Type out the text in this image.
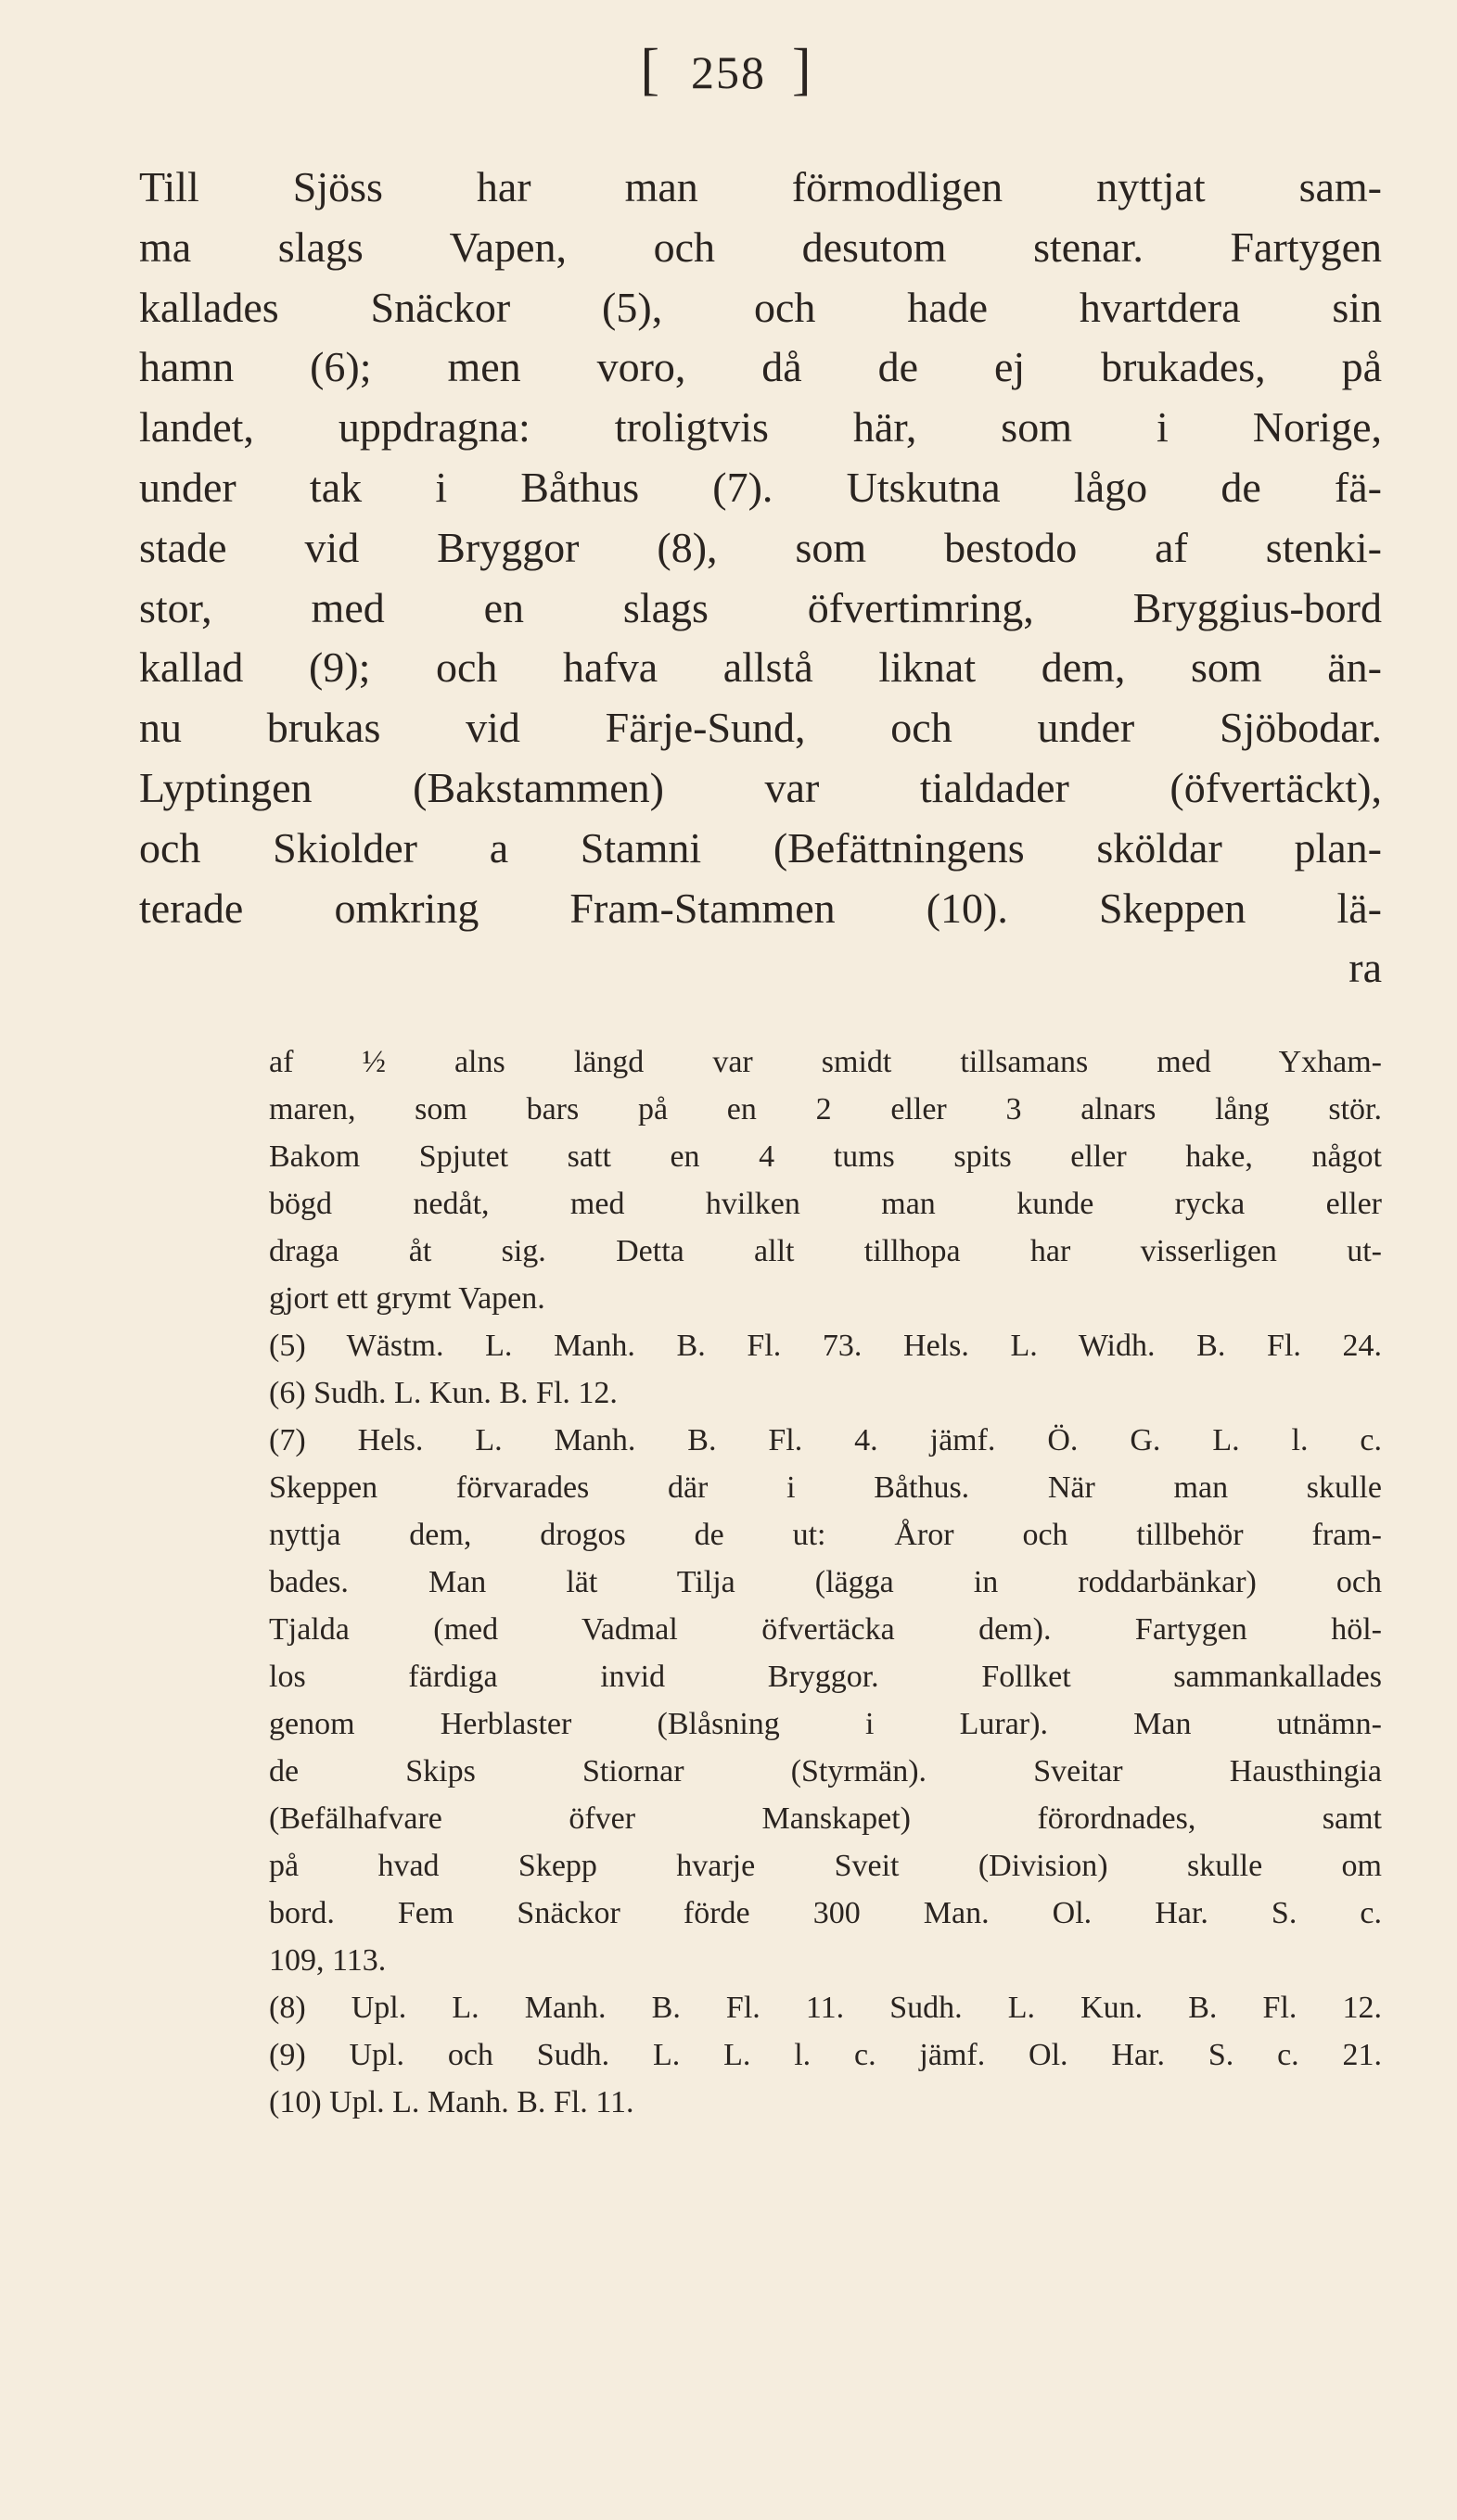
[ 258 ]
Till Sjöss har man förmodligen nyttjat sam-
ma slags Vapen, och desutom stenar. Fartygen
kallades Snäckor (5), och hade hvartdera sin
hamn (6); men voro, då de ej brukades, på
landet, uppdragna: troligtvis här, som i Norige,
under tak i Båthus (7). Utskutna lågo de fä-
stade vid Bryggor (8), som bestodo af stenki-
stor, med en slags öfvertimring, Bryggius-bord
kallad (9); och hafva allstå liknat dem, som än-
nu brukas vid Färje-Sund, och under Sjöbodar.
Lyptingen (Bakstammen) var tialdader (öfvertäckt),
och Skiolder a Stamni (Befättningens sköldar plan-
terade omkring Fram-Stammen (10). Skeppen lä-
ra
af ½ alns längd var smidt tillsamans med Yxham-
maren, som bars på en 2 eller 3 alnars lång stör.
Bakom Spjutet satt en 4 tums spits eller hake, något
bögd nedåt, med hvilken man kunde rycka eller
draga åt sig. Detta allt tillhopa har visserligen ut-
gjort ett grymt Vapen.
(5) Wästm. L. Manh. B. Fl. 73. Hels. L. Widh. B. Fl. 24.
(6) Sudh. L. Kun. B. Fl. 12.
(7) Hels. L. Manh. B. Fl. 4. jämf. Ö. G. L. l. c.
Skeppen förvarades där i Båthus. När man skulle
nyttja dem, drogos de ut: Åror och tillbehör fram-
bades. Man lät Tilja (lägga in roddarbänkar) och
Tjalda (med Vadmal öfvertäcka dem). Fartygen höl-
los färdiga invid Bryggor. Follket sammankallades
genom Herblaster (Blåsning i Lurar). Man utnämn-
de Skips Stiornar (Styrmän). Sveitar Hausthingia
(Befälhafvare öfver Manskapet) förordnades, samt
på hvad Skepp hvarje Sveit (Division) skulle om
bord. Fem Snäckor förde 300 Man. Ol. Har. S. c.
109, 113.
(8) Upl. L. Manh. B. Fl. 11. Sudh. L. Kun. B. Fl. 12.
(9) Upl. och Sudh. L. L. l. c. jämf. Ol. Har. S. c. 21.
(10) Upl. L. Manh. B. Fl. 11.
